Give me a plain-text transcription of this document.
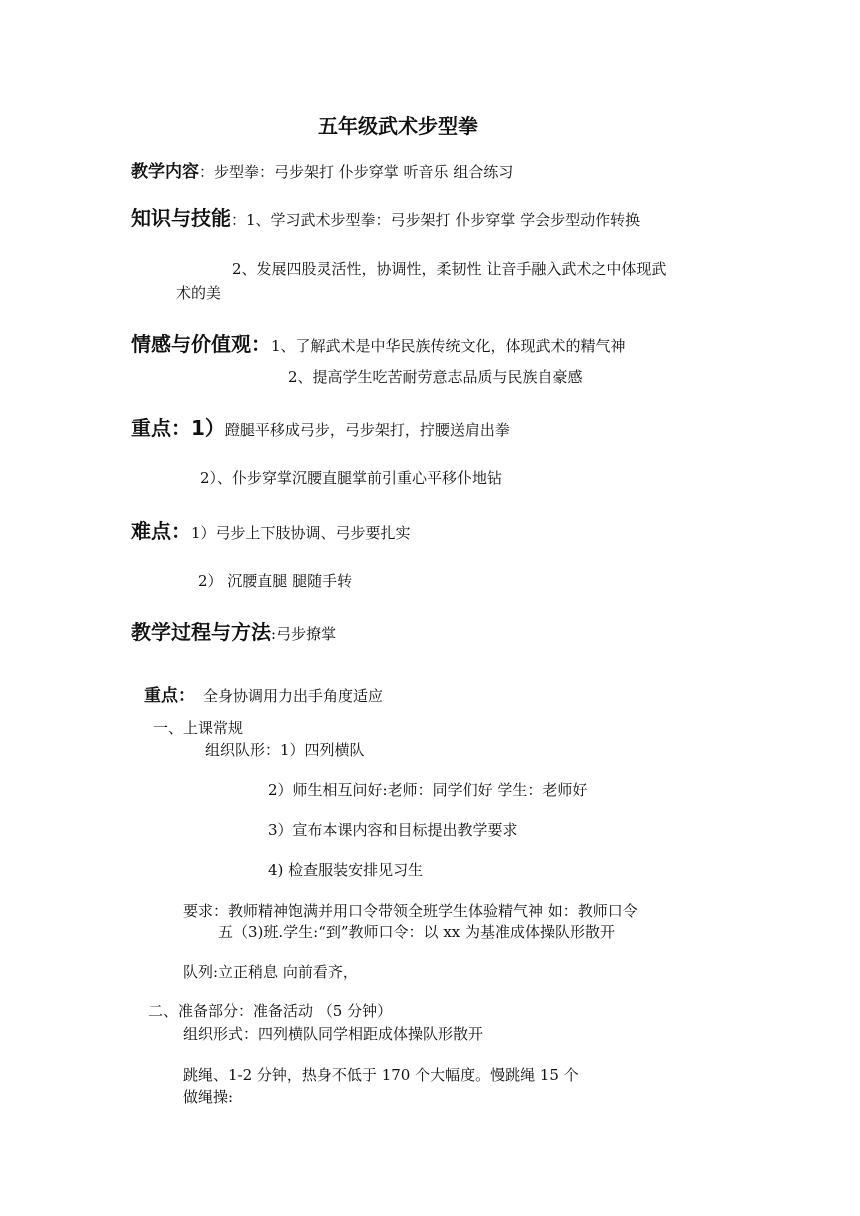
五年级武术步型拳
教学内容：步型拳：弓步架打 仆步穿掌 听音乐 组合练习
知识与技能：1、学习武术步型拳：弓步架打 仆步穿掌 学会步型动作转换
2、发展四股灵活性，协调性，柔韧性 让音手融入武术之中体现武
术的美
情感与价值观：1、了解武术是中华民族传统文化，体现武术的精气神
2、提高学生吃苦耐劳意志品质与民族自豪感
重点：1）蹬腿平移成弓步，弓步架打，拧腰送肩出拳
2）、仆步穿掌沉腰直腿掌前引重心平移仆地钻
难点：1）弓步上下肢协调、弓步要扎实
2） 沉腰直腿 腿随手转
教学过程与方法:弓步撩掌
重点： 全身协调用力出手角度适应
一、上课常规
组织队形：1）四列横队
2）师生相互问好:老师：同学们好 学生：老师好
3）宣布本课内容和目标提出教学要求
4) 检查服装安排见习生
要求：教师精神饱满并用口令带领全班学生体验精气神 如：教师口令
五（3)班.学生:“到”教师口令：以 xx 为基准成体操队形散开
队列:立正稍息 向前看齐，
二、准备部分：准备活动 （5 分钟）
组织形式：四列横队同学相距成体操队形散开
跳绳、1-2 分钟，热身不低于 170 个大幅度。慢跳绳 15 个
做绳操:
